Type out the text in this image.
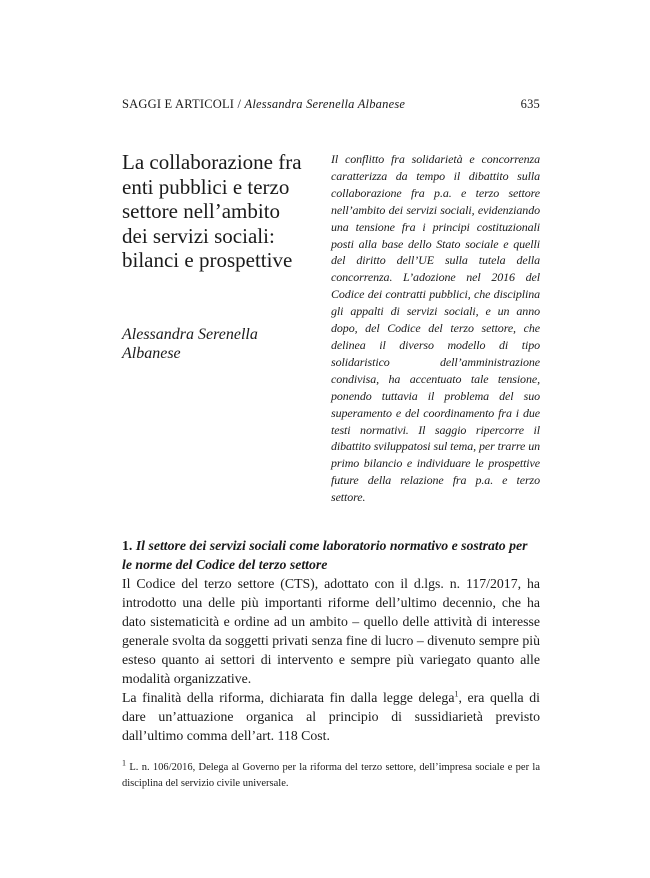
SAGGI E ARTICOLI / Alessandra Serenella Albanese	635
La collaborazione fra enti pubblici e terzo settore nell’ambito dei servizi sociali: bilanci e prospettive

Alessandra Serenella Albanese

Il conflitto fra solidarietà e concorrenza caratterizza da tempo il dibattito sulla collaborazione fra p.a. e terzo settore nell’ambito dei servizi sociali, evidenziando una tensione fra i principi costituzionali posti alla base dello Stato sociale e quelli del diritto dell’UE sulla tutela della concorrenza. L’adozione nel 2016 del Codice dei contratti pubblici, che disciplina gli appalti di servizi sociali, e un anno dopo, del Codice del terzo settore, che delinea il diverso modello di tipo solidaristico dell’amministrazione condivisa, ha accentuato tale tensione, ponendo tuttavia il problema del suo superamento e del coordinamento fra i due testi normativi. Il saggio ripercorre il dibattito sviluppatosi sul tema, per trarre un primo bilancio e individuare le prospettive future della relazione fra p.a. e terzo settore.

1. Il settore dei servizi sociali come laboratorio normativo e sostrato per le norme del Codice del terzo settore

Il Codice del terzo settore (CTS), adottato con il d.lgs. n. 117/2017, ha introdotto una delle più importanti riforme dell’ultimo decennio, che ha dato sistematicità e ordine ad un ambito – quello delle attività di interesse generale svolta da soggetti privati senza fine di lucro – divenuto sempre più esteso quanto ai settori di intervento e sempre più variegato quanto alle modalità organizzative.

La finalità della riforma, dichiarata fin dalla legge delega$^1$, era quella di dare un’attuazione organica al principio di sussidiarietà previsto dall’ultimo comma dell’art. 118 Cost.

$^1$ L. n. 106/2016, Delega al Governo per la riforma del terzo settore, dell’impresa sociale e per la disciplina del servizio civile universale.
